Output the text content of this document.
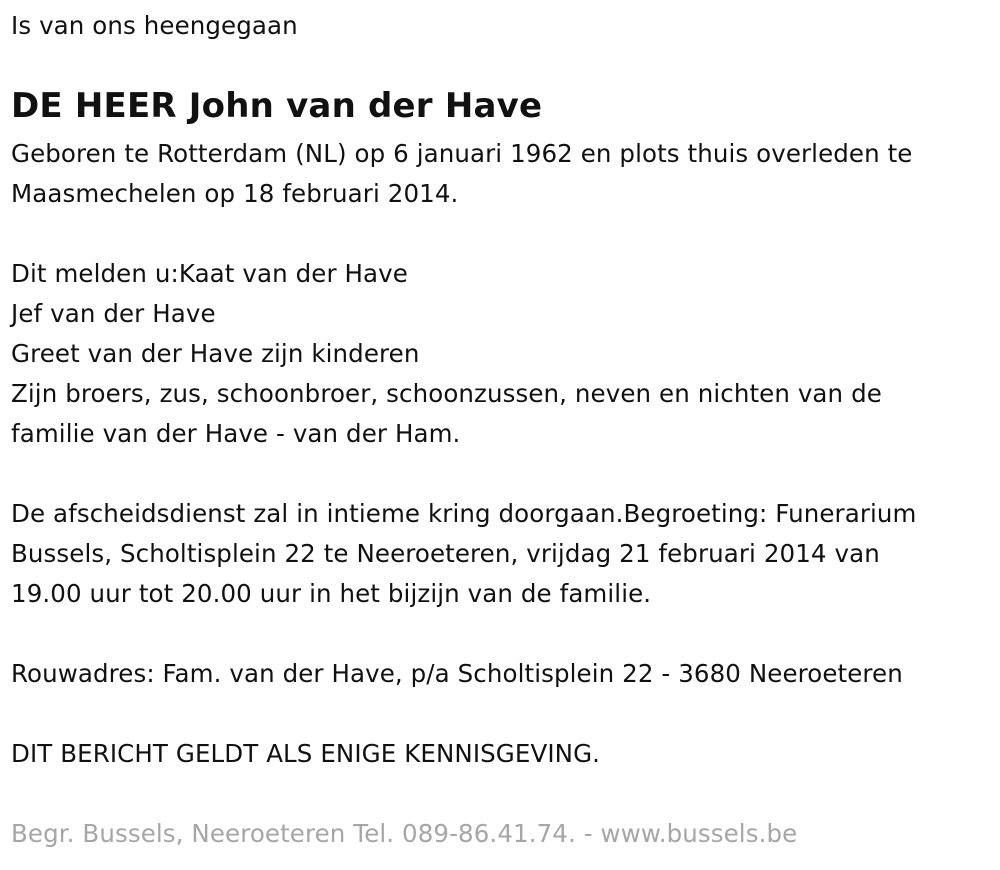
Is van ons heengegaan
DE HEER John van der Have
Geboren te Rotterdam (NL) op 6 januari 1962 en plots thuis overleden te
Maasmechelen op 18 februari 2014.
Dit melden u:Kaat van der Have
Jef van der Have
Greet van der Have zijn kinderen
Zijn broers, zus, schoonbroer, schoonzussen, neven en nichten van de
familie van der Have - van der Ham.
De afscheidsdienst zal in intieme kring doorgaan.Begroeting: Funerarium
Bussels, Scholtisplein 22 te Neeroeteren, vrijdag 21 februari 2014 van
19.00 uur tot 20.00 uur in het bijzijn van de familie.
Rouwadres: Fam. van der Have, p/a Scholtisplein 22 - 3680 Neeroeteren
DIT BERICHT GELDT ALS ENIGE KENNISGEVING.
Begr. Bussels, Neeroeteren Tel. 089-86.41.74. - www.bussels.be
